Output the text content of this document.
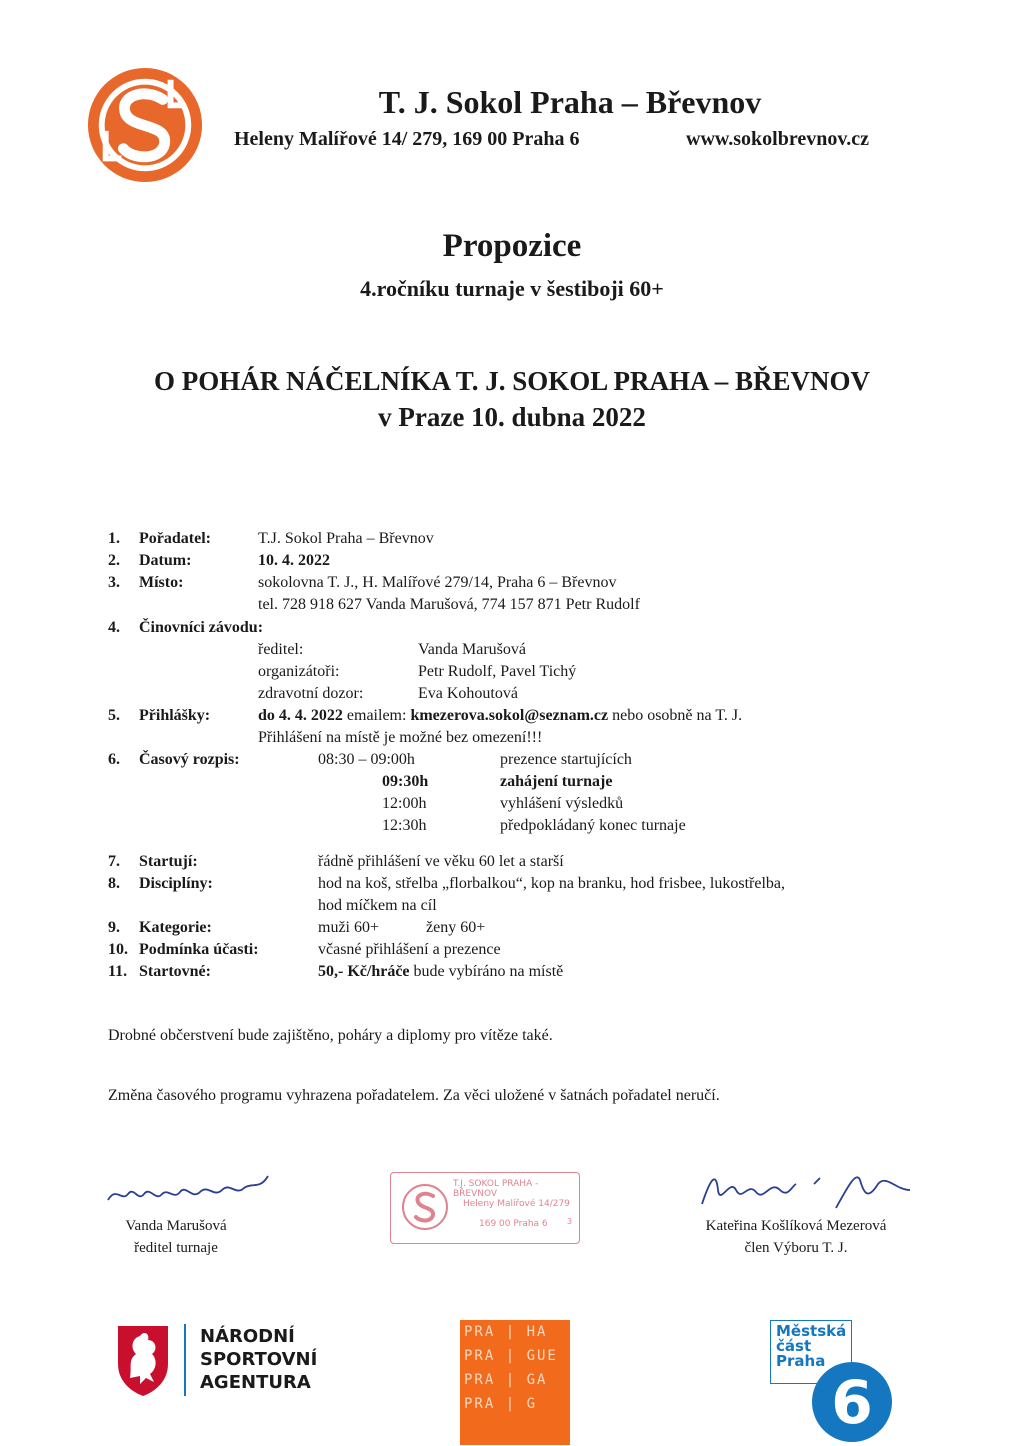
T. J. Sokol Praha – Břevnov
Heleny Malířové 14/ 279, 169 00 Praha 6	www.sokolbrevnov.cz
Propozice
4.ročníku turnaje v šestiboji 60+
O POHÁR NÁČELNÍKA T. J. SOKOL PRAHA – BŘEVNOV
v Praze 10. dubna 2022
1. Pořadatel:	T.J. Sokol Praha – Břevnov
2. Datum:	10. 4. 2022
3. Místo:	sokolovna T. J., H. Malířové 279/14, Praha 6 – Břevnov
tel. 728 918 627 Vanda Marušová, 774 157 871 Petr Rudolf
4. Činovníci závodu:
ředitel:	Vanda Marušová
organizátoři:	Petr Rudolf, Pavel Tichý
zdravotní dozor:	Eva Kohoutová
5. Přihlášky:	do 4. 4. 2022 emailem: kmezerova.sokol@seznam.cz nebo osobně na T. J.
Přihlášení na místě je možné bez omezení!!!
6. Časový rozpis:	08:30 – 09:00h	prezence startujících
09:30h	zahájení turnaje
12:00h	vyhlášení výsledků
12:30h	předpokládaný konec turnaje
7. Startují:	řádně přihlášení ve věku 60 let a starší
8. Disciplíny:	hod na koš, střelba „florbalkou“, kop na branku, hod frisbee, lukostřelba,
hod míčkem na cíl
9. Kategorie:	muži 60+	ženy 60+
10. Podmínka účasti:	včasné přihlášení a prezence
11. Startovné:	50,- Kč/hráče bude vybíráno na místě
Drobné občerstvení bude zajištěno, poháry a diplomy pro vítěze také.
Změna časového programu vyhrazena pořadatelem. Za věci uložené v šatnách pořadatel neručí.
Vanda Marušová
ředitel turnaje
T.J. SOKOL PRAHA - BŘEVNOV
Heleny Malířové 14/279
169 00 Praha 6 3	Kateřina Košlíková Mezerová
člen Výboru T. J.
NÁRODNÍ
SPORTOVNÍ
AGENTURA
PRA | HA
PRA | GUE
PRA | GA
PRA | G
Městská
část
Praha
6
